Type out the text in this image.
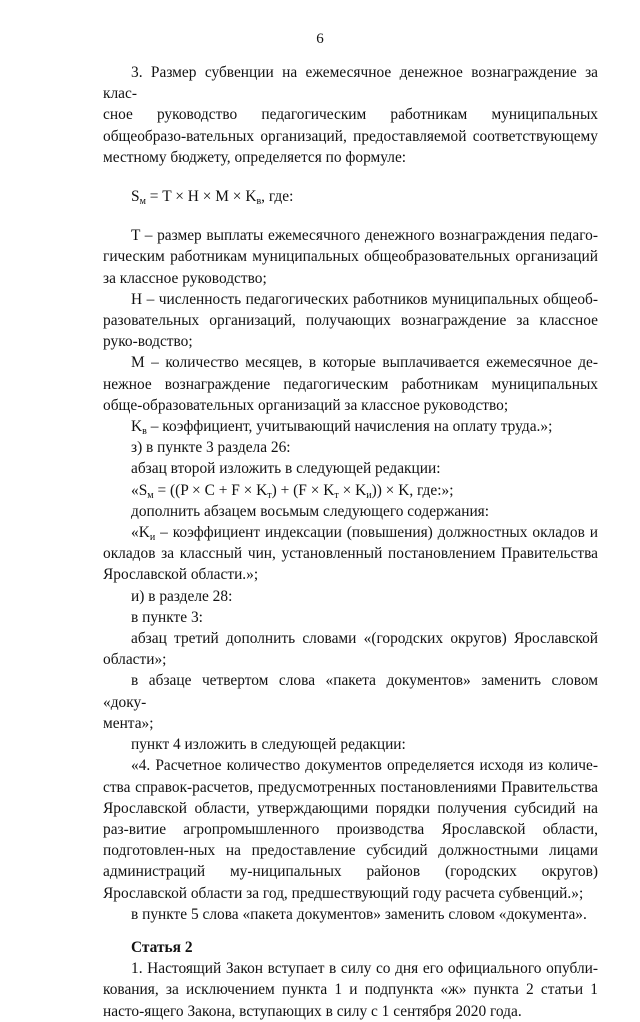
6

3. Размер субвенции на ежемесячное денежное вознаграждение за клас-

сное руководство педагогическим работникам муниципальных общеобразо-вательных организаций, предоставляемой соответствующему местному бюджету, определяется по формуле:

$S_м = T \times H \times M \times K_в$, где:

T – размер выплаты ежемесячного денежного вознаграждения педаго-

гическим работникам муниципальных общеобразовательных организаций за классное руководство;

H – численность педагогических работников муниципальных общеоб-

разовательных организаций, получающих вознаграждение за классное руко-водство;

M – количество месяцев, в которые выплачивается ежемесячное де-

нежное вознаграждение педагогическим работникам муниципальных обще-образовательных организаций за классное руководство;

$K_в$ – коэффициент, учитывающий начисления на оплату труда.»;

з) в пункте 3 раздела 26:

абзац второй изложить в следующей редакции:

«$S_м = ((P \times C + F \times K_т) + (F \times K_т \times K_и)) \times K$, где:»;

дополнить абзацем восьмым следующего содержания:

«$K_и$ – коэффициент индексации (повышения) должностных окладов и

окладов за классный чин, установленный постановлением Правительства Ярославской области.»;

и) в разделе 28:

в пункте 3:

абзац третий дополнить словами «(городских округов) Ярославской

области»;

в абзаце четвертом слова «пакета документов» заменить словом «доку-

мента»;

пункт 4 изложить в следующей редакции:

«4. Расчетное количество документов определяется исходя из количе-

ства справок-расчетов, предусмотренных постановлениями Правительства Ярославской области, утверждающими порядки получения субсидий на раз-витие агропромышленного производства Ярославской области, подготовлен-ных на предоставление субсидий должностными лицами администраций му-ниципальных районов (городских округов) Ярославской области за год, предшествующий году расчета субвенций.»;

в пункте 5 слова «пакета документов» заменить словом «документа».

Статья 2

1. Настоящий Закон вступает в силу со дня его официального опубли-

кования, за исключением пункта 1 и подпункта «ж» пункта 2 статьи 1 насто-ящего Закона, вступающих в силу с 1 сентября 2020 года.
